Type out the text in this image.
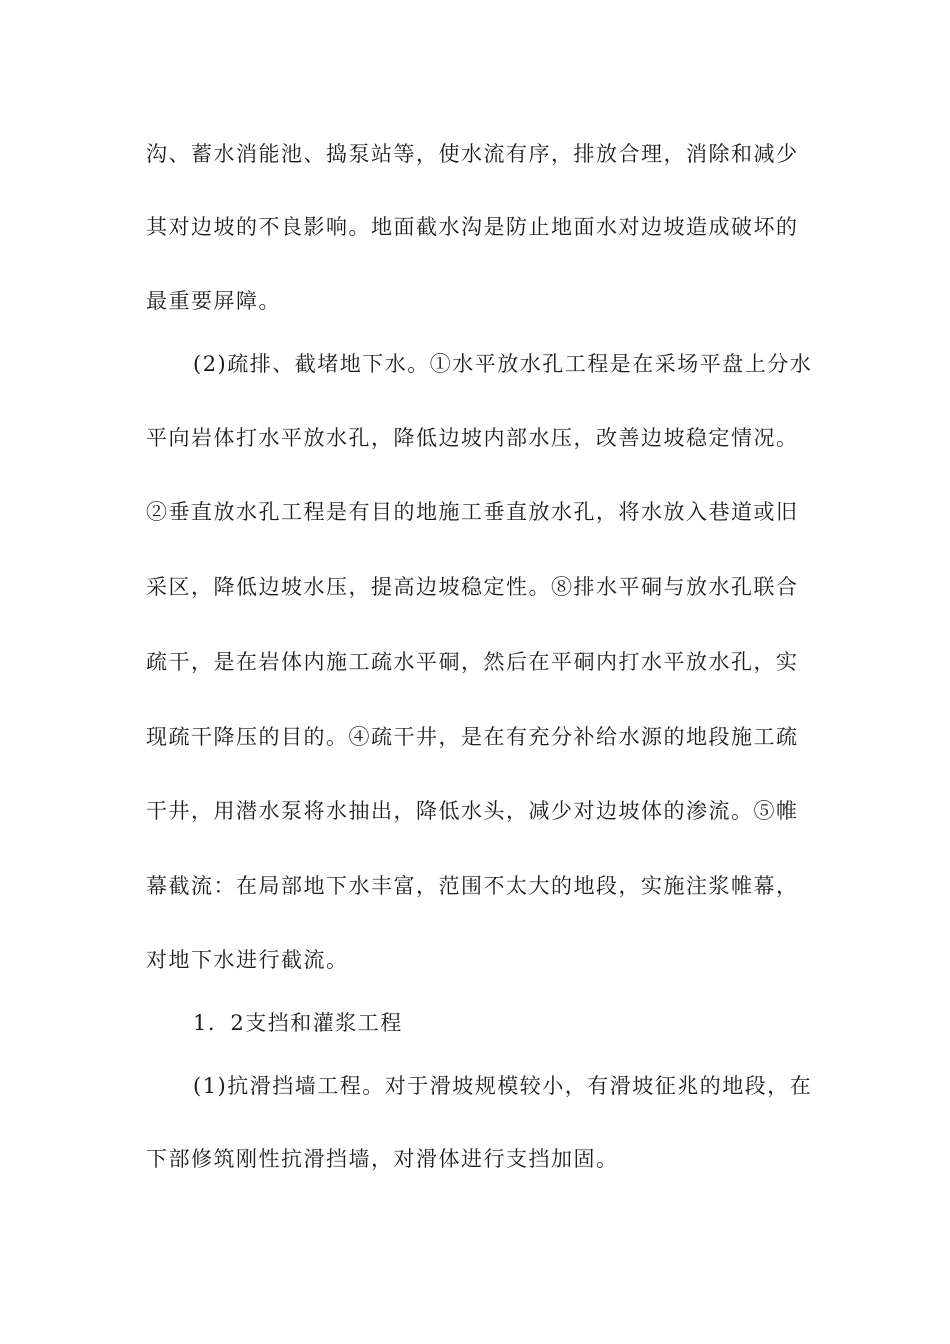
沟、蓄水消能池、捣泵站等，使水流有序，排放合理，消除和减少
其对边坡的不良影响。地面截水沟是防止地面水对边坡造成破坏的
最重要屏障。
(2)疏排、截堵地下水。①水平放水孔工程是在采场平盘上分水
平向岩体打水平放水孔，降低边坡内部水压，改善边坡稳定情况。
②垂直放水孔工程是有目的地施工垂直放水孔，将水放入巷道或旧
采区，降低边坡水压，提高边坡稳定性。⑧排水平硐与放水孔联合
疏干，是在岩体内施工疏水平硐，然后在平硐内打水平放水孔，实
现疏干降压的目的。④疏干井，是在有充分补给水源的地段施工疏
干井，用潜水泵将水抽出，降低水头，减少对边坡体的渗流。⑤帷
幕截流：在局部地下水丰富，范围不太大的地段，实施注浆帷幕，
对地下水进行截流。
1．2支挡和灌浆工程
(1)抗滑挡墙工程。对于滑坡规模较小，有滑坡征兆的地段，在
下部修筑刚性抗滑挡墙，对滑体进行支挡加固。
